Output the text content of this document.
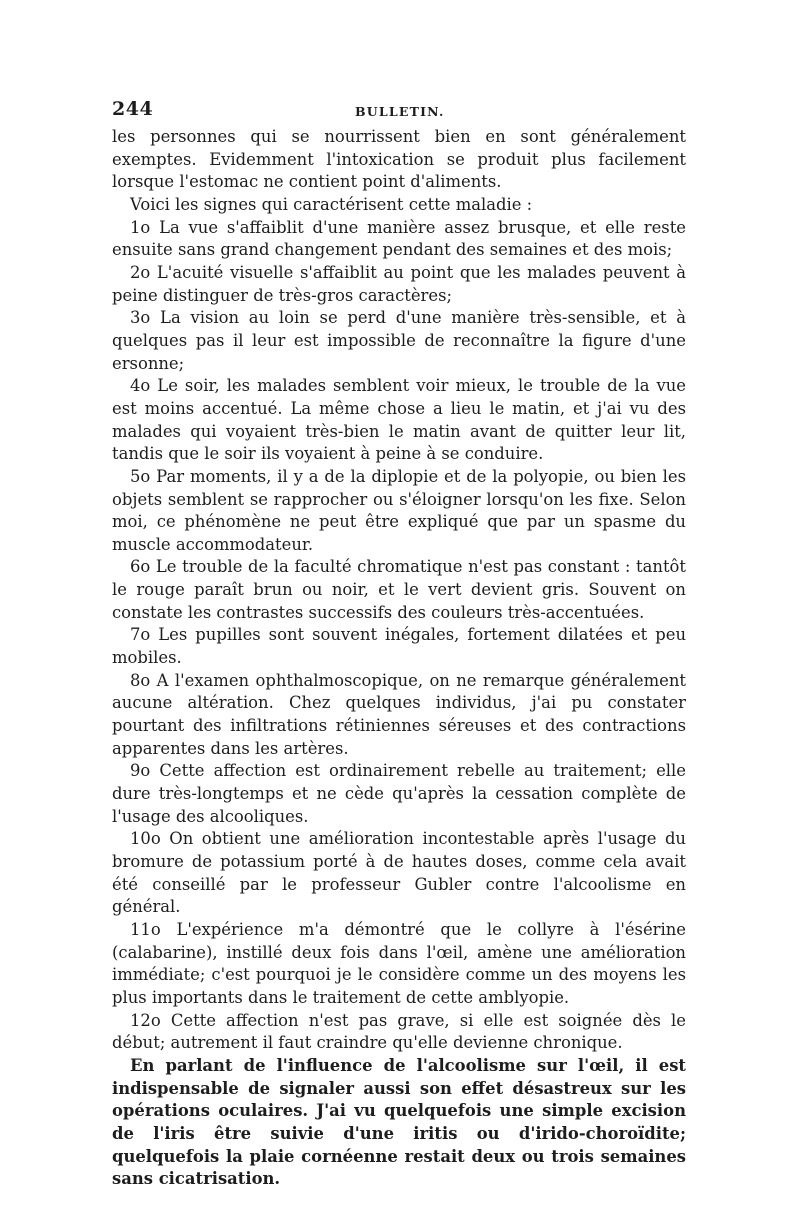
244	BULLETIN.

les personnes qui se nourrissent bien en sont généralement exemptes. Evidemment l'intoxication se produit plus facilement lorsque l'estomac ne contient point d'aliments.

Voici les signes qui caractérisent cette maladie :

1o La vue s'affaiblit d'une manière assez brusque, et elle reste ensuite sans grand changement pendant des semaines et des mois;

2o L'acuité visuelle s'affaiblit au point que les malades peuvent à peine distinguer de très-gros caractères;

3o La vision au loin se perd d'une manière très-sensible, et à quelques pas il leur est impossible de reconnaître la figure d'une ersonne;

4o Le soir, les malades semblent voir mieux, le trouble de la vue est moins accentué. La même chose a lieu le matin, et j'ai vu des malades qui voyaient très-bien le matin avant de quitter leur lit, tandis que le soir ils voyaient à peine à se conduire.

5o Par moments, il y a de la diplopie et de la polyopie, ou bien les objets semblent se rapprocher ou s'éloigner lorsqu'on les fixe. Selon moi, ce phénomène ne peut être expliqué que par un spasme du muscle accommodateur.

6o Le trouble de la faculté chromatique n'est pas constant : tantôt le rouge paraît brun ou noir, et le vert devient gris. Souvent on constate les contrastes successifs des couleurs très-accentuées.

7o Les pupilles sont souvent inégales, fortement dilatées et peu mobiles.

8o A l'examen ophthalmoscopique, on ne remarque généralement aucune altération. Chez quelques individus, j'ai pu constater pourtant des infiltrations rétiniennes séreuses et des contractions apparentes dans les artères.

9o Cette affection est ordinairement rebelle au traitement; elle dure très-longtemps et ne cède qu'après la cessation complète de l'usage des alcooliques.

10o On obtient une amélioration incontestable après l'usage du bromure de potassium porté à de hautes doses, comme cela avait été conseillé par le professeur Gubler contre l'alcoolisme en général.

11o L'expérience m'a démontré que le collyre à l'ésérine (calabarine), instillé deux fois dans l'œil, amène une amélioration immédiate; c'est pourquoi je le considère comme un des moyens les plus importants dans le traitement de cette amblyopie.

12o Cette affection n'est pas grave, si elle est soignée dès le début; autrement il faut craindre qu'elle devienne chronique.

En parlant de l'influence de l'alcoolisme sur l'œil, il est indispensable de signaler aussi son effet désastreux sur les opérations oculaires. J'ai vu quelquefois une simple excision de l'iris être suivie d'une iritis ou d'irido-choroïdite; quelquefois la plaie cornéenne restait deux ou trois semaines sans cicatrisation.
